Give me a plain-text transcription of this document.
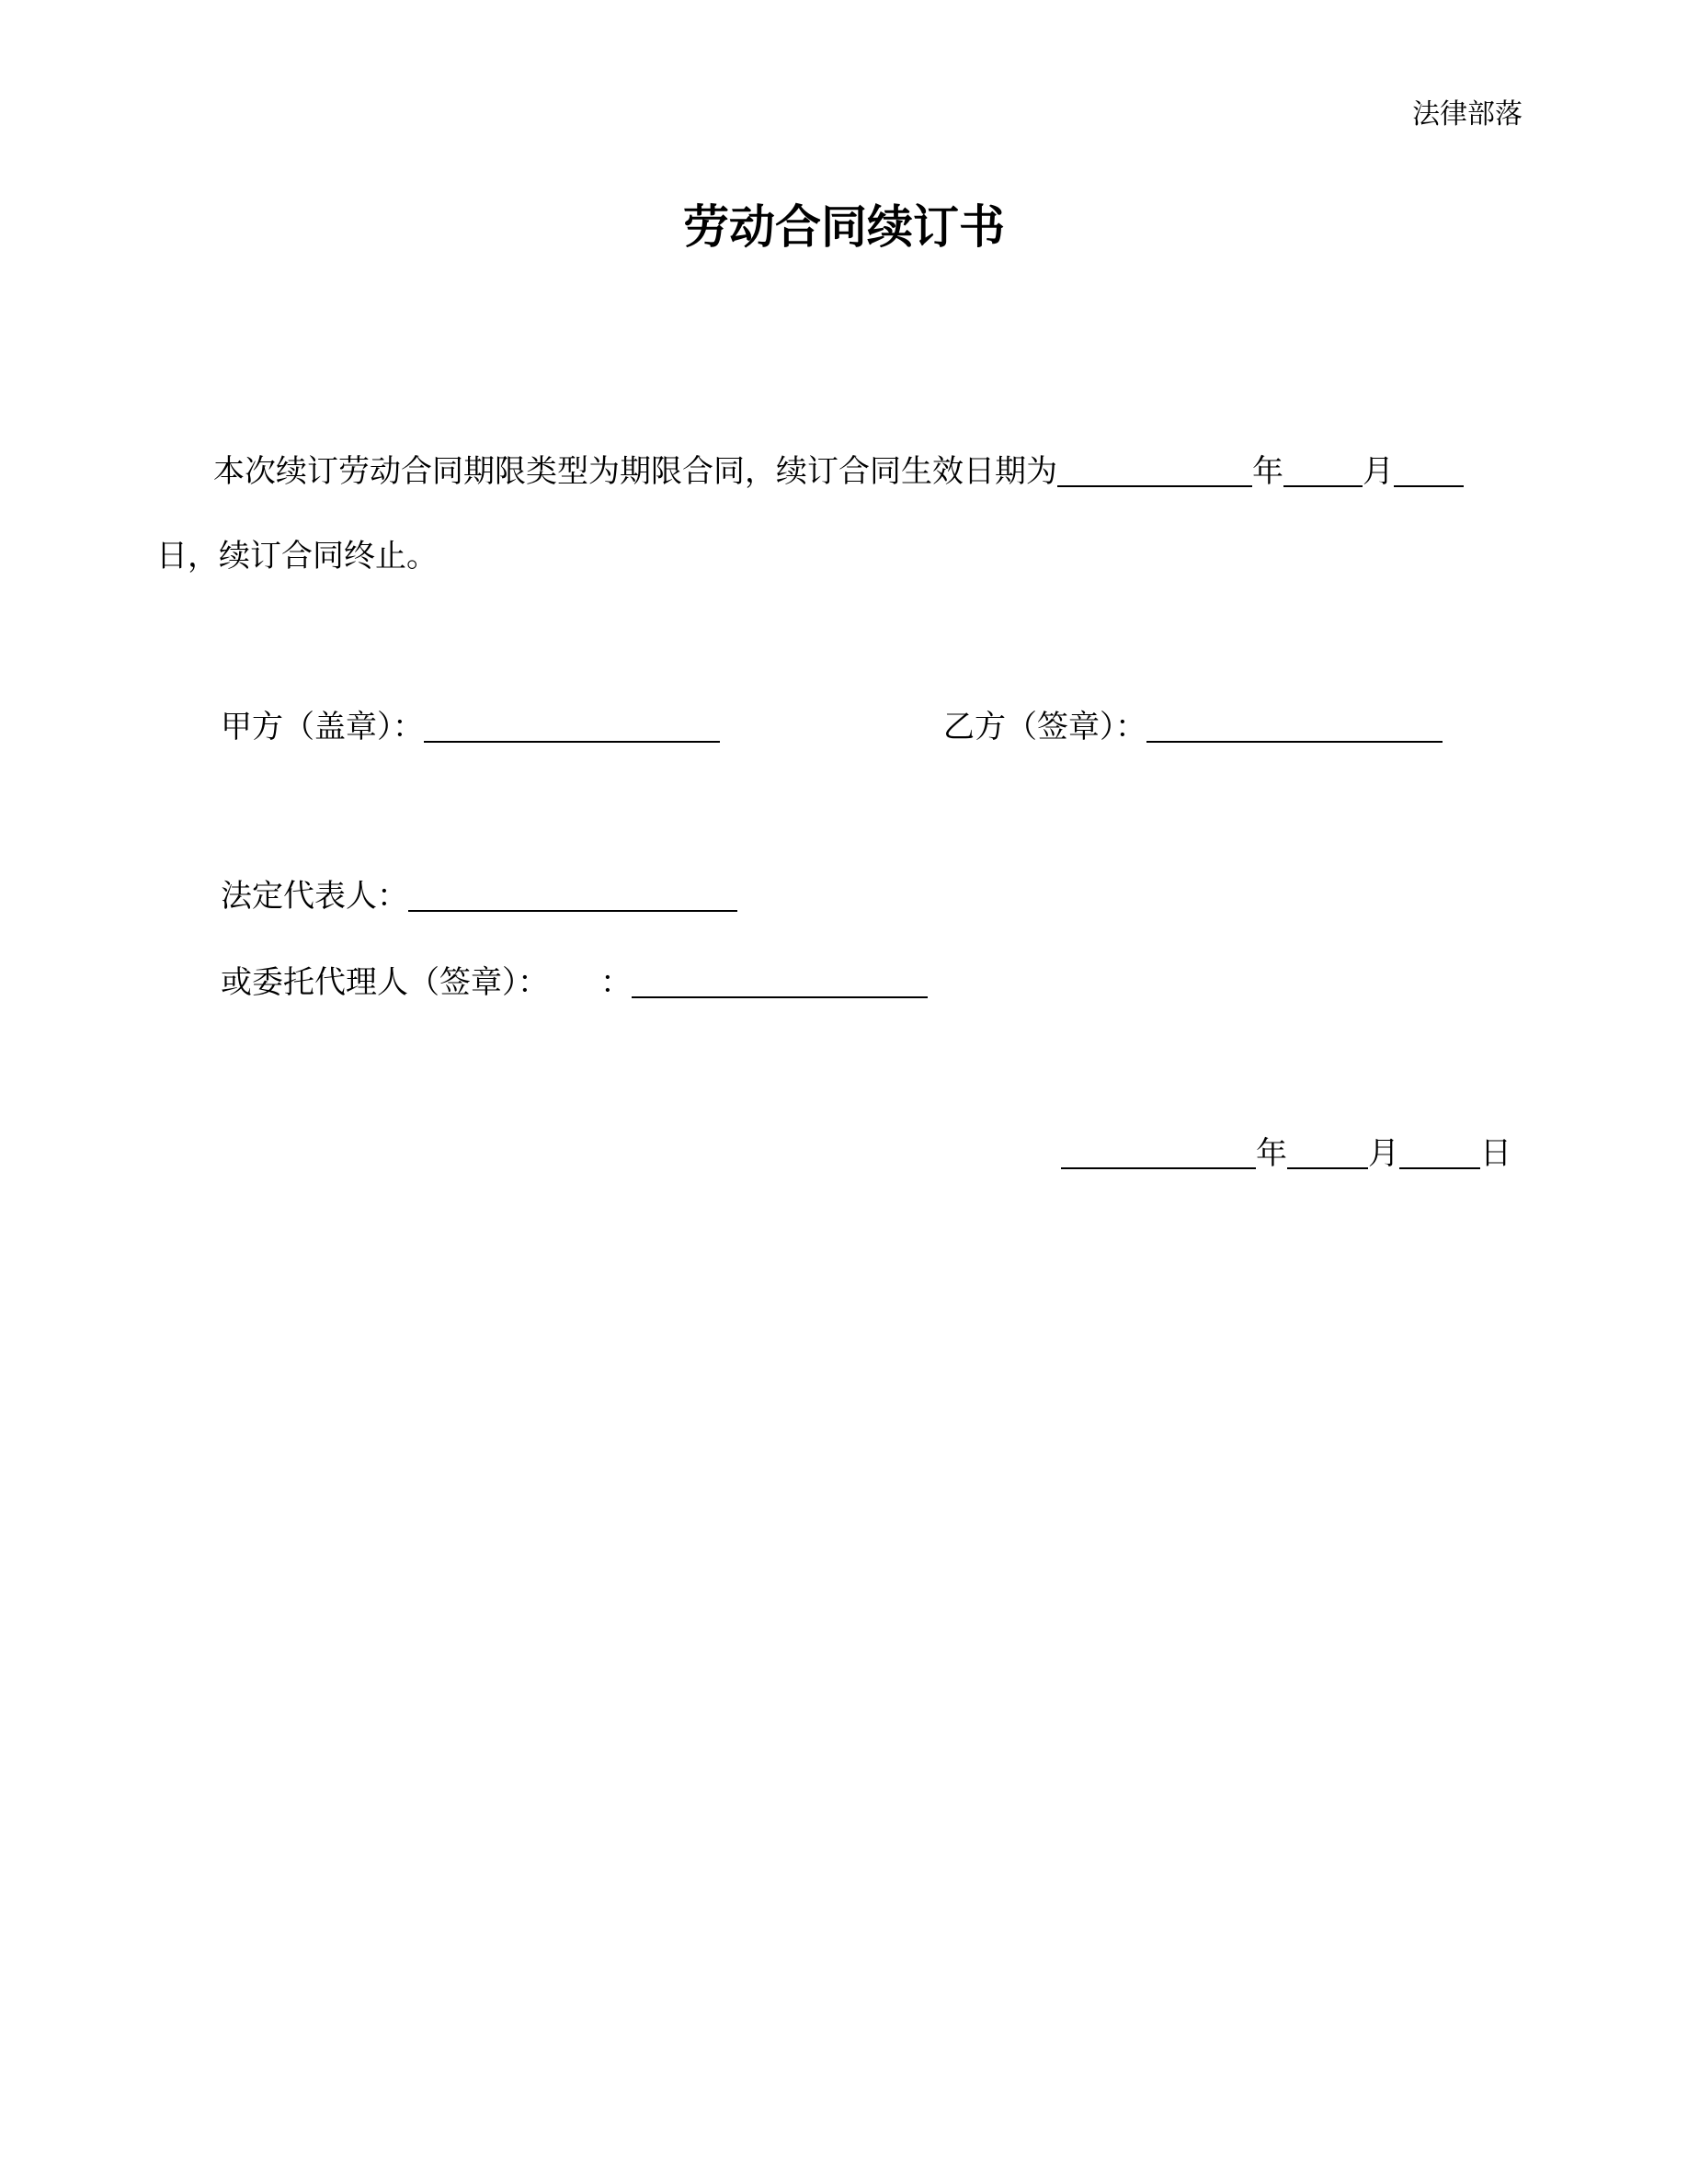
法律部落
劳动合同续订书
本次续订劳动合同期限类型为期限合同，续订合同生效日期为	年	月
日，续订合同终止。
甲方（盖章）：	乙方（签章）：
法定代表人：
或委托代理人（签章）： ：
年	月	日
